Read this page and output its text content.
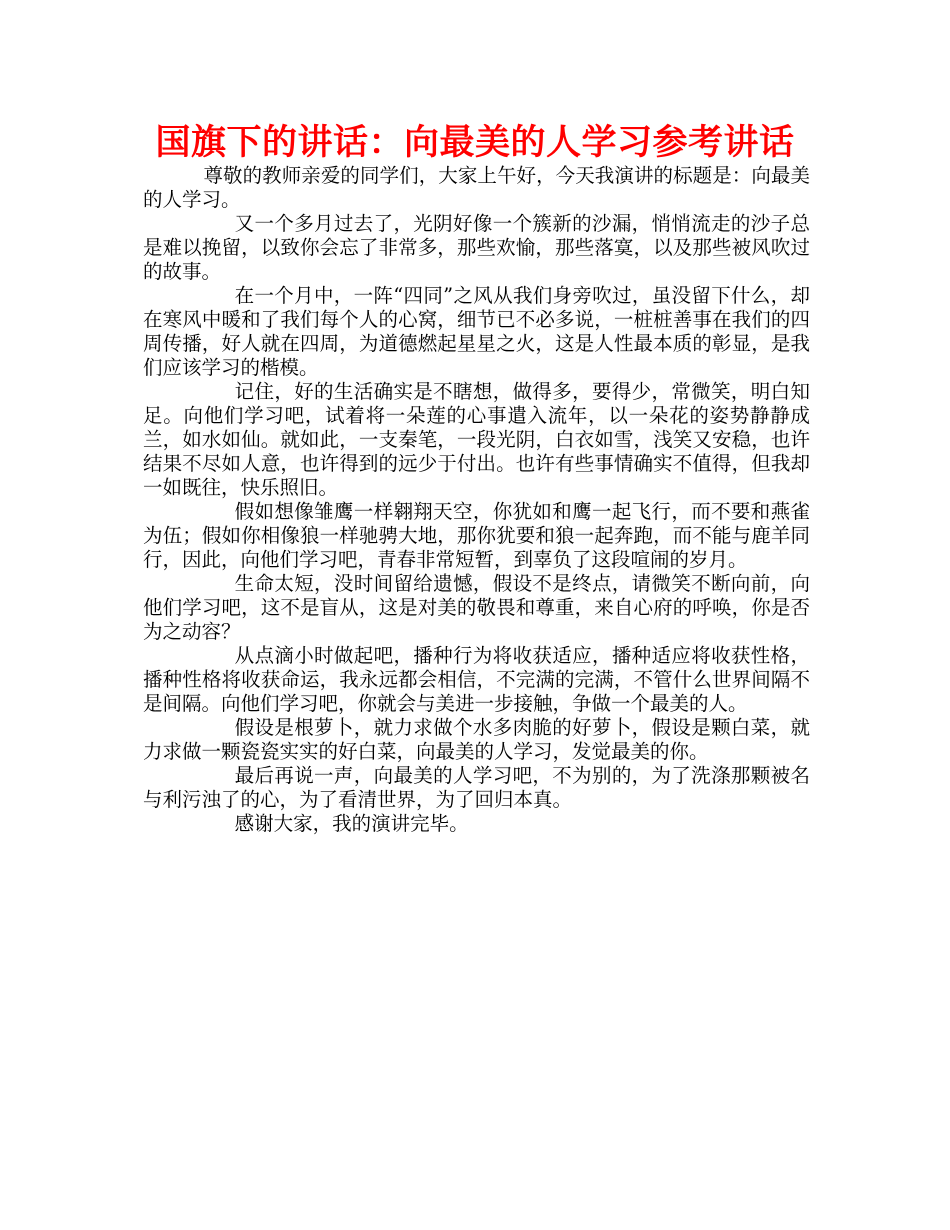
国旗下的讲话：向最美的人学习参考讲话

尊敬的教师亲爱的同学们，大家上午好，今天我演讲的标题是：向最美的人学习。

又一个多月过去了，光阴好像一个簇新的沙漏，悄悄流走的沙子总是难以挽留，以致你会忘了非常多，那些欢愉，那些落寞，以及那些被风吹过的故事。

在一个月中，一阵“四同”之风从我们身旁吹过，虽没留下什么，却在寒风中暖和了我们每个人的心窝，细节已不必多说，一桩桩善事在我们的四周传播，好人就在四周，为道德燃起星星之火，这是人性最本质的彰显，是我们应该学习的楷模。

记住，好的生活确实是不瞎想，做得多，要得少，常微笑，明白知足。向他们学习吧，试着将一朵莲的心事遣入流年，以一朵花的姿势静静成兰，如水如仙。就如此，一支秦笔，一段光阴，白衣如雪，浅笑又安稳，也许结果不尽如人意，也许得到的远少于付出。也许有些事情确实不值得，但我却一如既往，快乐照旧。

假如想像雏鹰一样翱翔天空，你犹如和鹰一起飞行，而不要和燕雀为伍；假如你相像狼一样驰骋大地，那你犹要和狼一起奔跑，而不能与鹿羊同行，因此，向他们学习吧，青春非常短暂，到辜负了这段喧闹的岁月。

生命太短，没时间留给遗憾，假设不是终点，请微笑不断向前，向他们学习吧，这不是盲从，这是对美的敬畏和尊重，来自心府的呼唤，你是否为之动容？

从点滴小时做起吧，播种行为将收获适应，播种适应将收获性格，播种性格将收获命运，我永远都会相信，不完满的完满，不管什么世界间隔不是间隔。向他们学习吧，你就会与美进一步接触，争做一个最美的人。

假设是根萝卜，就力求做个水多肉脆的好萝卜，假设是颗白菜，就力求做一颗瓷瓷实实的好白菜，向最美的人学习，发觉最美的你。

最后再说一声，向最美的人学习吧，不为别的，为了洗涤那颗被名与利污浊了的心，为了看清世界，为了回归本真。

感谢大家，我的演讲完毕。
